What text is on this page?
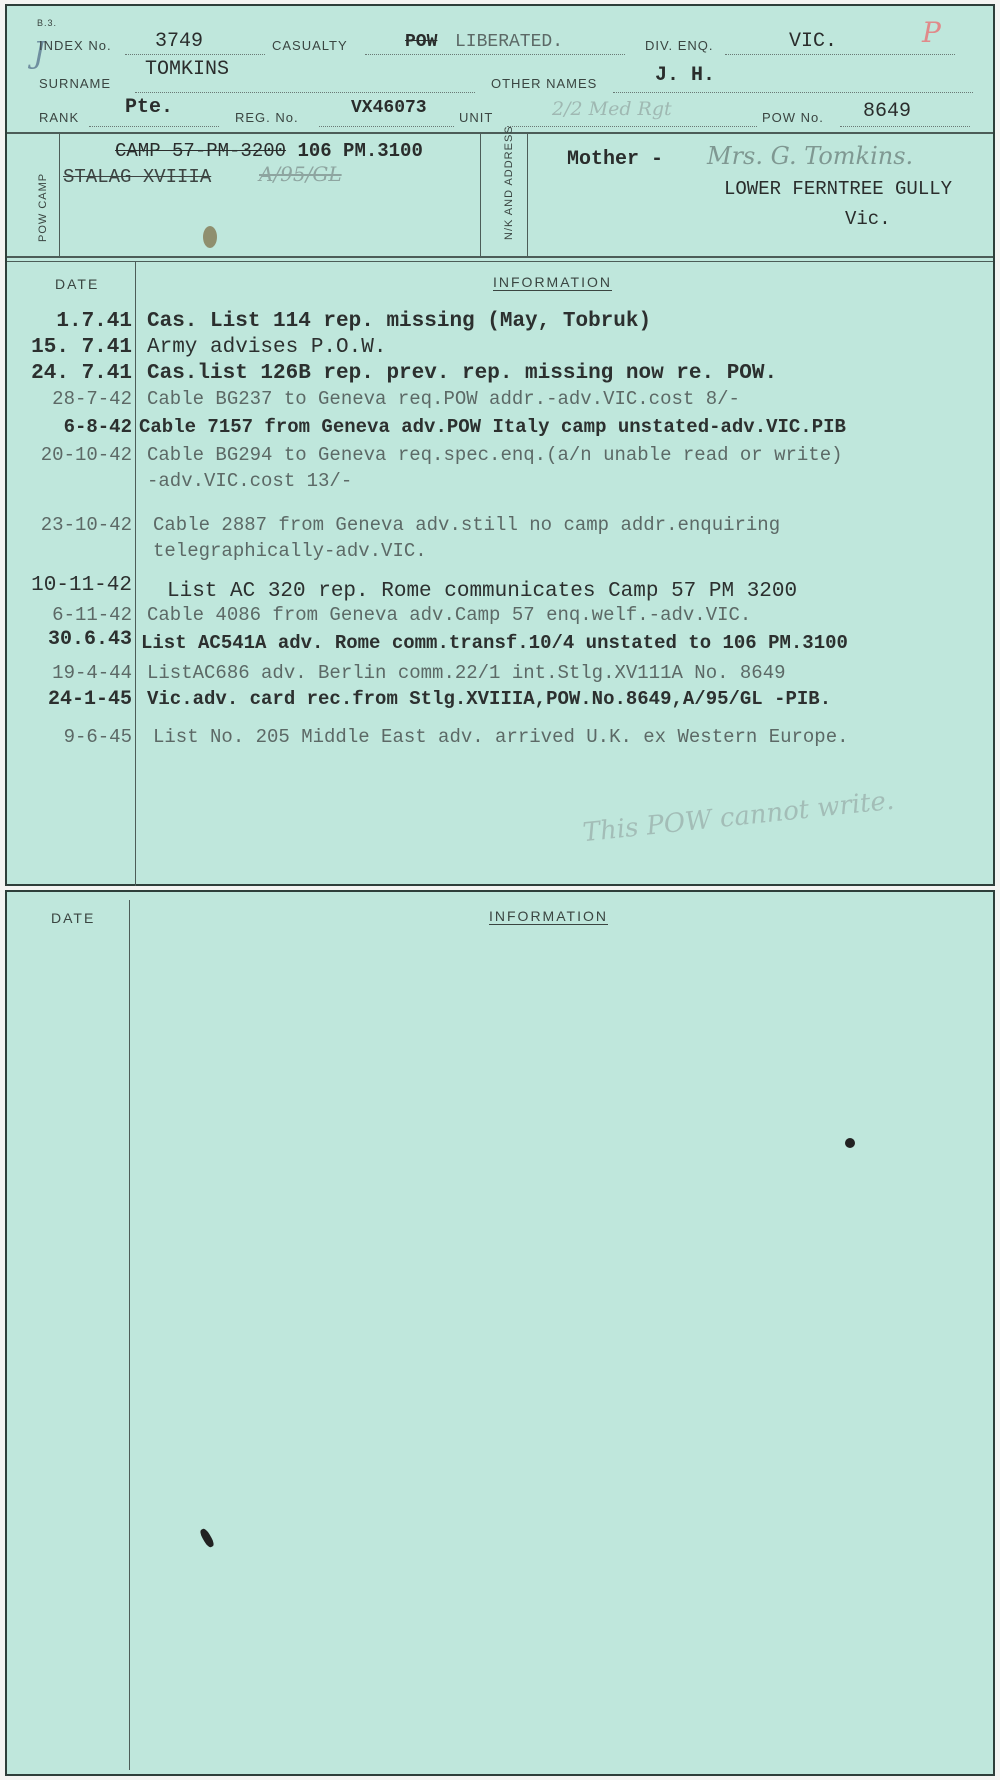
B.3.
J
INDEX No. 3749	CASUALTY	POW LIBERATED.	DIV. ENQ.	VIC.	P
SURNAME
TOMKINS
OTHER NAMES	J. H.
RANK Pte.	REG. No.	VX46073 UNIT	2/2 Med Rgt	POW No. 8649
POW CAMP
CAMP 57-PM-3200 106 PM.3100
STALAG XVIIIA A/95/GL	N/K AND ADDRESS	Mother - Mrs. G. Tomkins.
LOWER FERNTREE GULLY
Vic.
DATE	INFORMATION
1.7.41 Cas. List 114 rep. missing (May, Tobruk)
15. 7.41 Army advises P.O.W.
24. 7.41 Cas.list 126B rep. prev. rep. missing now re. POW.
28-7-42 Cable BG237 to Geneva req.POW addr.-adv.VIC.cost 8/-
6-8-42 Cable 7157 from Geneva adv.POW Italy camp unstated-adv.VIC.PIB
20-10-42 Cable BG294 to Geneva req.spec.enq.(a/n unable read or write)
-adv.VIC.cost 13/-
23-10-42 Cable 2887 from Geneva adv.still no camp addr.enquiring
telegraphically-adv.VIC.
10-11-42 List AC 320 rep. Rome communicates Camp 57 PM 3200
6-11-42 Cable 4086 from Geneva adv.Camp 57 enq.welf.-adv.VIC.
30.6.43 List AC541A adv. Rome comm.transf.10/4 unstated to 106 PM.3100
19-4-44 ListAC686 adv. Berlin comm.22/1 int.Stlg.XV111A No. 8649
24-1-45 Vic.adv. card rec.from Stlg.XVIIIA,POW.No.8649,A/95/GL -PIB.
9-6-45 List No. 205 Middle East adv. arrived U.K. ex Western Europe.
This POW cannot write.
DATE	INFORMATION
